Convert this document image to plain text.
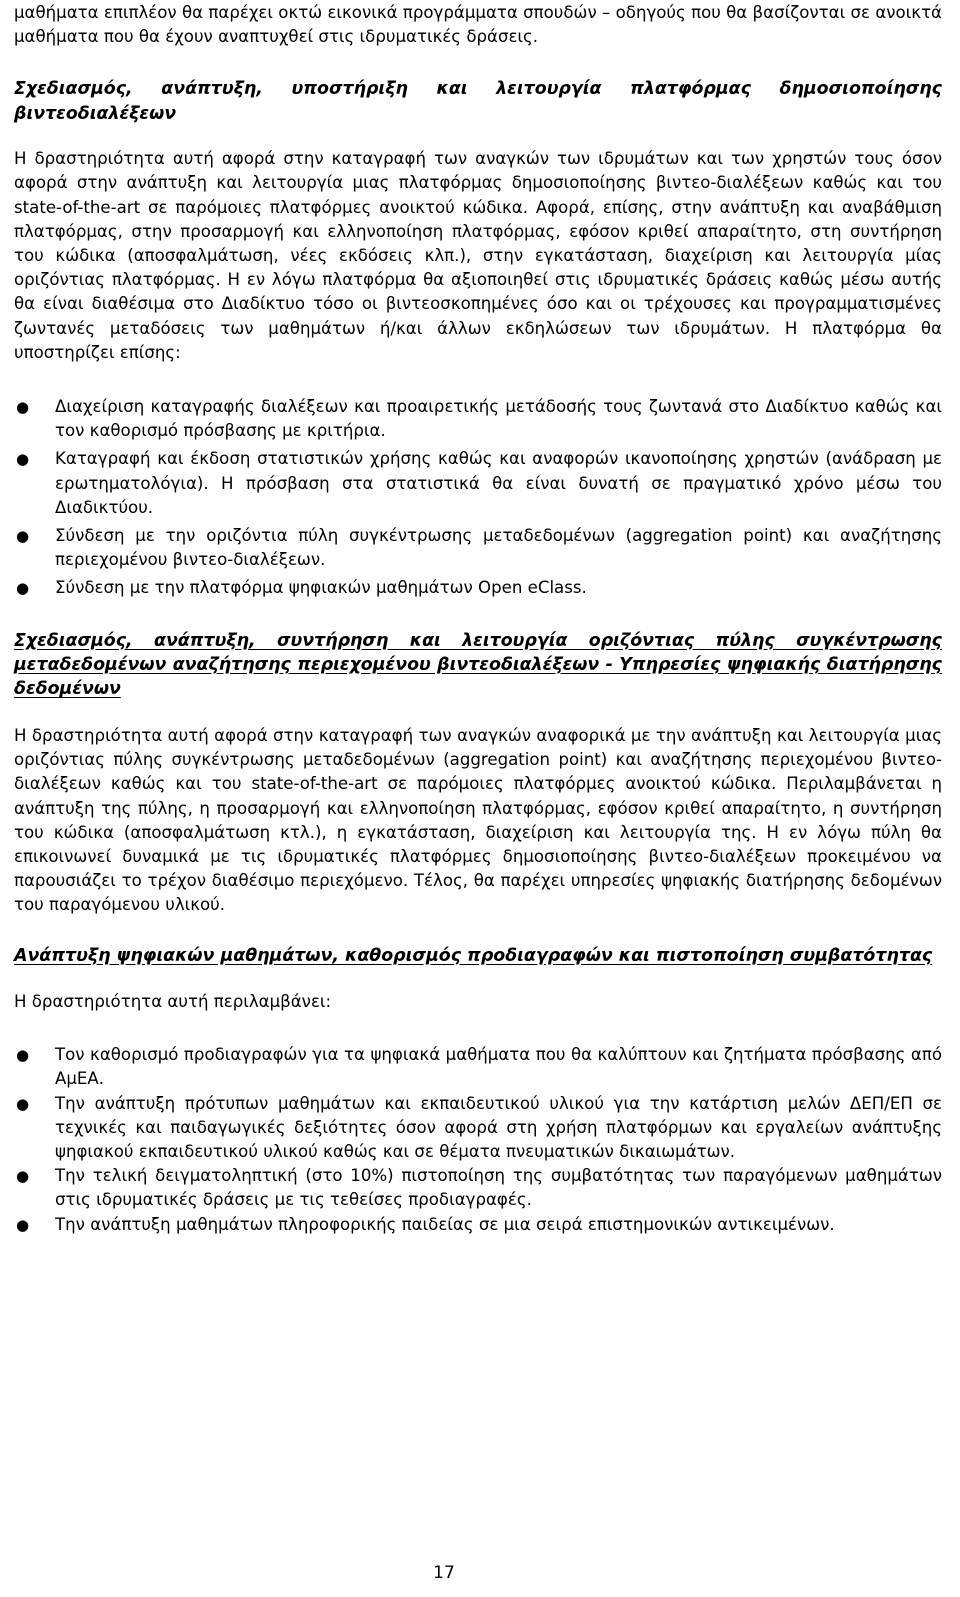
μαθήματα επιπλέον θα παρέχει οκτώ εικονικά προγράμματα σπουδών – οδηγούς που θα βασίζονται σε ανοικτά μαθήματα που θα έχουν αναπτυχθεί στις ιδρυματικές δράσεις.

Σχεδιασμός, ανάπτυξη, υποστήριξη και λειτουργία πλατφόρμας δημοσιοποίησης βιντεοδιαλέξεων

Η δραστηριότητα αυτή αφορά στην καταγραφή των αναγκών των ιδρυμάτων και των χρηστών τους όσον αφορά στην ανάπτυξη και λειτουργία μιας πλατφόρμας δημοσιοποίησης βιντεο-διαλέξεων καθώς και του state-of-the-art σε παρόμοιες πλατφόρμες ανοικτού κώδικα. Αφορά, επίσης, στην ανάπτυξη και αναβάθμιση πλατφόρμας, στην προσαρμογή και ελληνοποίηση πλατφόρμας, εφόσον κριθεί απαραίτητο, στη συντήρηση του κώδικα (αποσφαλμάτωση, νέες εκδόσεις κλπ.), στην εγκατάσταση, διαχείριση και λειτουργία μίας οριζόντιας πλατφόρμας. Η εν λόγω πλατφόρμα θα αξιοποιηθεί στις ιδρυματικές δράσεις καθώς μέσω αυτής θα είναι διαθέσιμα στο Διαδίκτυο τόσο οι βιντεοσκοπημένες όσο και οι τρέχουσες και προγραμματισμένες ζωντανές μεταδόσεις των μαθημάτων ή/και άλλων εκδηλώσεων των ιδρυμάτων. Η πλατφόρμα θα υποστηρίζει επίσης:

● Διαχείριση καταγραφής διαλέξεων και προαιρετικής μετάδοσής τους ζωντανά στο Διαδίκτυο καθώς και τον καθορισμό πρόσβασης με κριτήρια.
● Καταγραφή και έκδοση στατιστικών χρήσης καθώς και αναφορών ικανοποίησης χρηστών (ανάδραση με ερωτηματολόγια). Η πρόσβαση στα στατιστικά θα είναι δυνατή σε πραγματικό χρόνο μέσω του Διαδικτύου.
● Σύνδεση με την οριζόντια πύλη συγκέντρωσης μεταδεδομένων (aggregation point) και αναζήτησης περιεχομένου βιντεο-διαλέξεων.
● Σύνδεση με την πλατφόρμα ψηφιακών μαθημάτων Open eClass.
Σχεδιασμός, ανάπτυξη, συντήρηση και λειτουργία οριζόντιας πύλης συγκέντρωσης μεταδεδομένων αναζήτησης περιεχομένου βιντεοδιαλέξεων - Υπηρεσίες ψηφιακής διατήρησης δεδομένων

Η δραστηριότητα αυτή αφορά στην καταγραφή των αναγκών αναφορικά με την ανάπτυξη και λειτουργία μιας οριζόντιας πύλης συγκέντρωσης μεταδεδομένων (aggregation point) και αναζήτησης περιεχομένου βιντεο-διαλέξεων καθώς και του state-of-the-art σε παρόμοιες πλατφόρμες ανοικτού κώδικα. Περιλαμβάνεται η ανάπτυξη της πύλης, η προσαρμογή και ελληνοποίηση πλατφόρμας, εφόσον κριθεί απαραίτητο, η συντήρηση του κώδικα (αποσφαλμάτωση κτλ.), η εγκατάσταση, διαχείριση και λειτουργία της. Η εν λόγω πύλη θα επικοινωνεί δυναμικά με τις ιδρυματικές πλατφόρμες δημοσιοποίησης βιντεο-διαλέξεων προκειμένου να παρουσιάζει το τρέχον διαθέσιμο περιεχόμενο. Τέλος, θα παρέχει υπηρεσίες ψηφιακής διατήρησης δεδομένων του παραγόμενου υλικού.

Ανάπτυξη ψηφιακών μαθημάτων, καθορισμός προδιαγραφών και πιστοποίηση συμβατότητας

Η δραστηριότητα αυτή περιλαμβάνει:

● Τον καθορισμό προδιαγραφών για τα ψηφιακά μαθήματα που θα καλύπτουν και ζητήματα πρόσβασης από ΑμΕΑ.
● Την ανάπτυξη πρότυπων μαθημάτων και εκπαιδευτικού υλικού για την κατάρτιση μελών ΔΕΠ/ΕΠ σε τεχνικές και παιδαγωγικές δεξιότητες όσον αφορά στη χρήση πλατφόρμων και εργαλείων ανάπτυξης ψηφιακού εκπαιδευτικού υλικού καθώς και σε θέματα πνευματικών δικαιωμάτων.
● Την τελική δειγματοληπτική (στο 10%) πιστοποίηση της συμβατότητας των παραγόμενων μαθημάτων στις ιδρυματικές δράσεις με τις τεθείσες προδιαγραφές.
● Την ανάπτυξη μαθημάτων πληροφορικής παιδείας σε μια σειρά επιστημονικών αντικειμένων.
17
